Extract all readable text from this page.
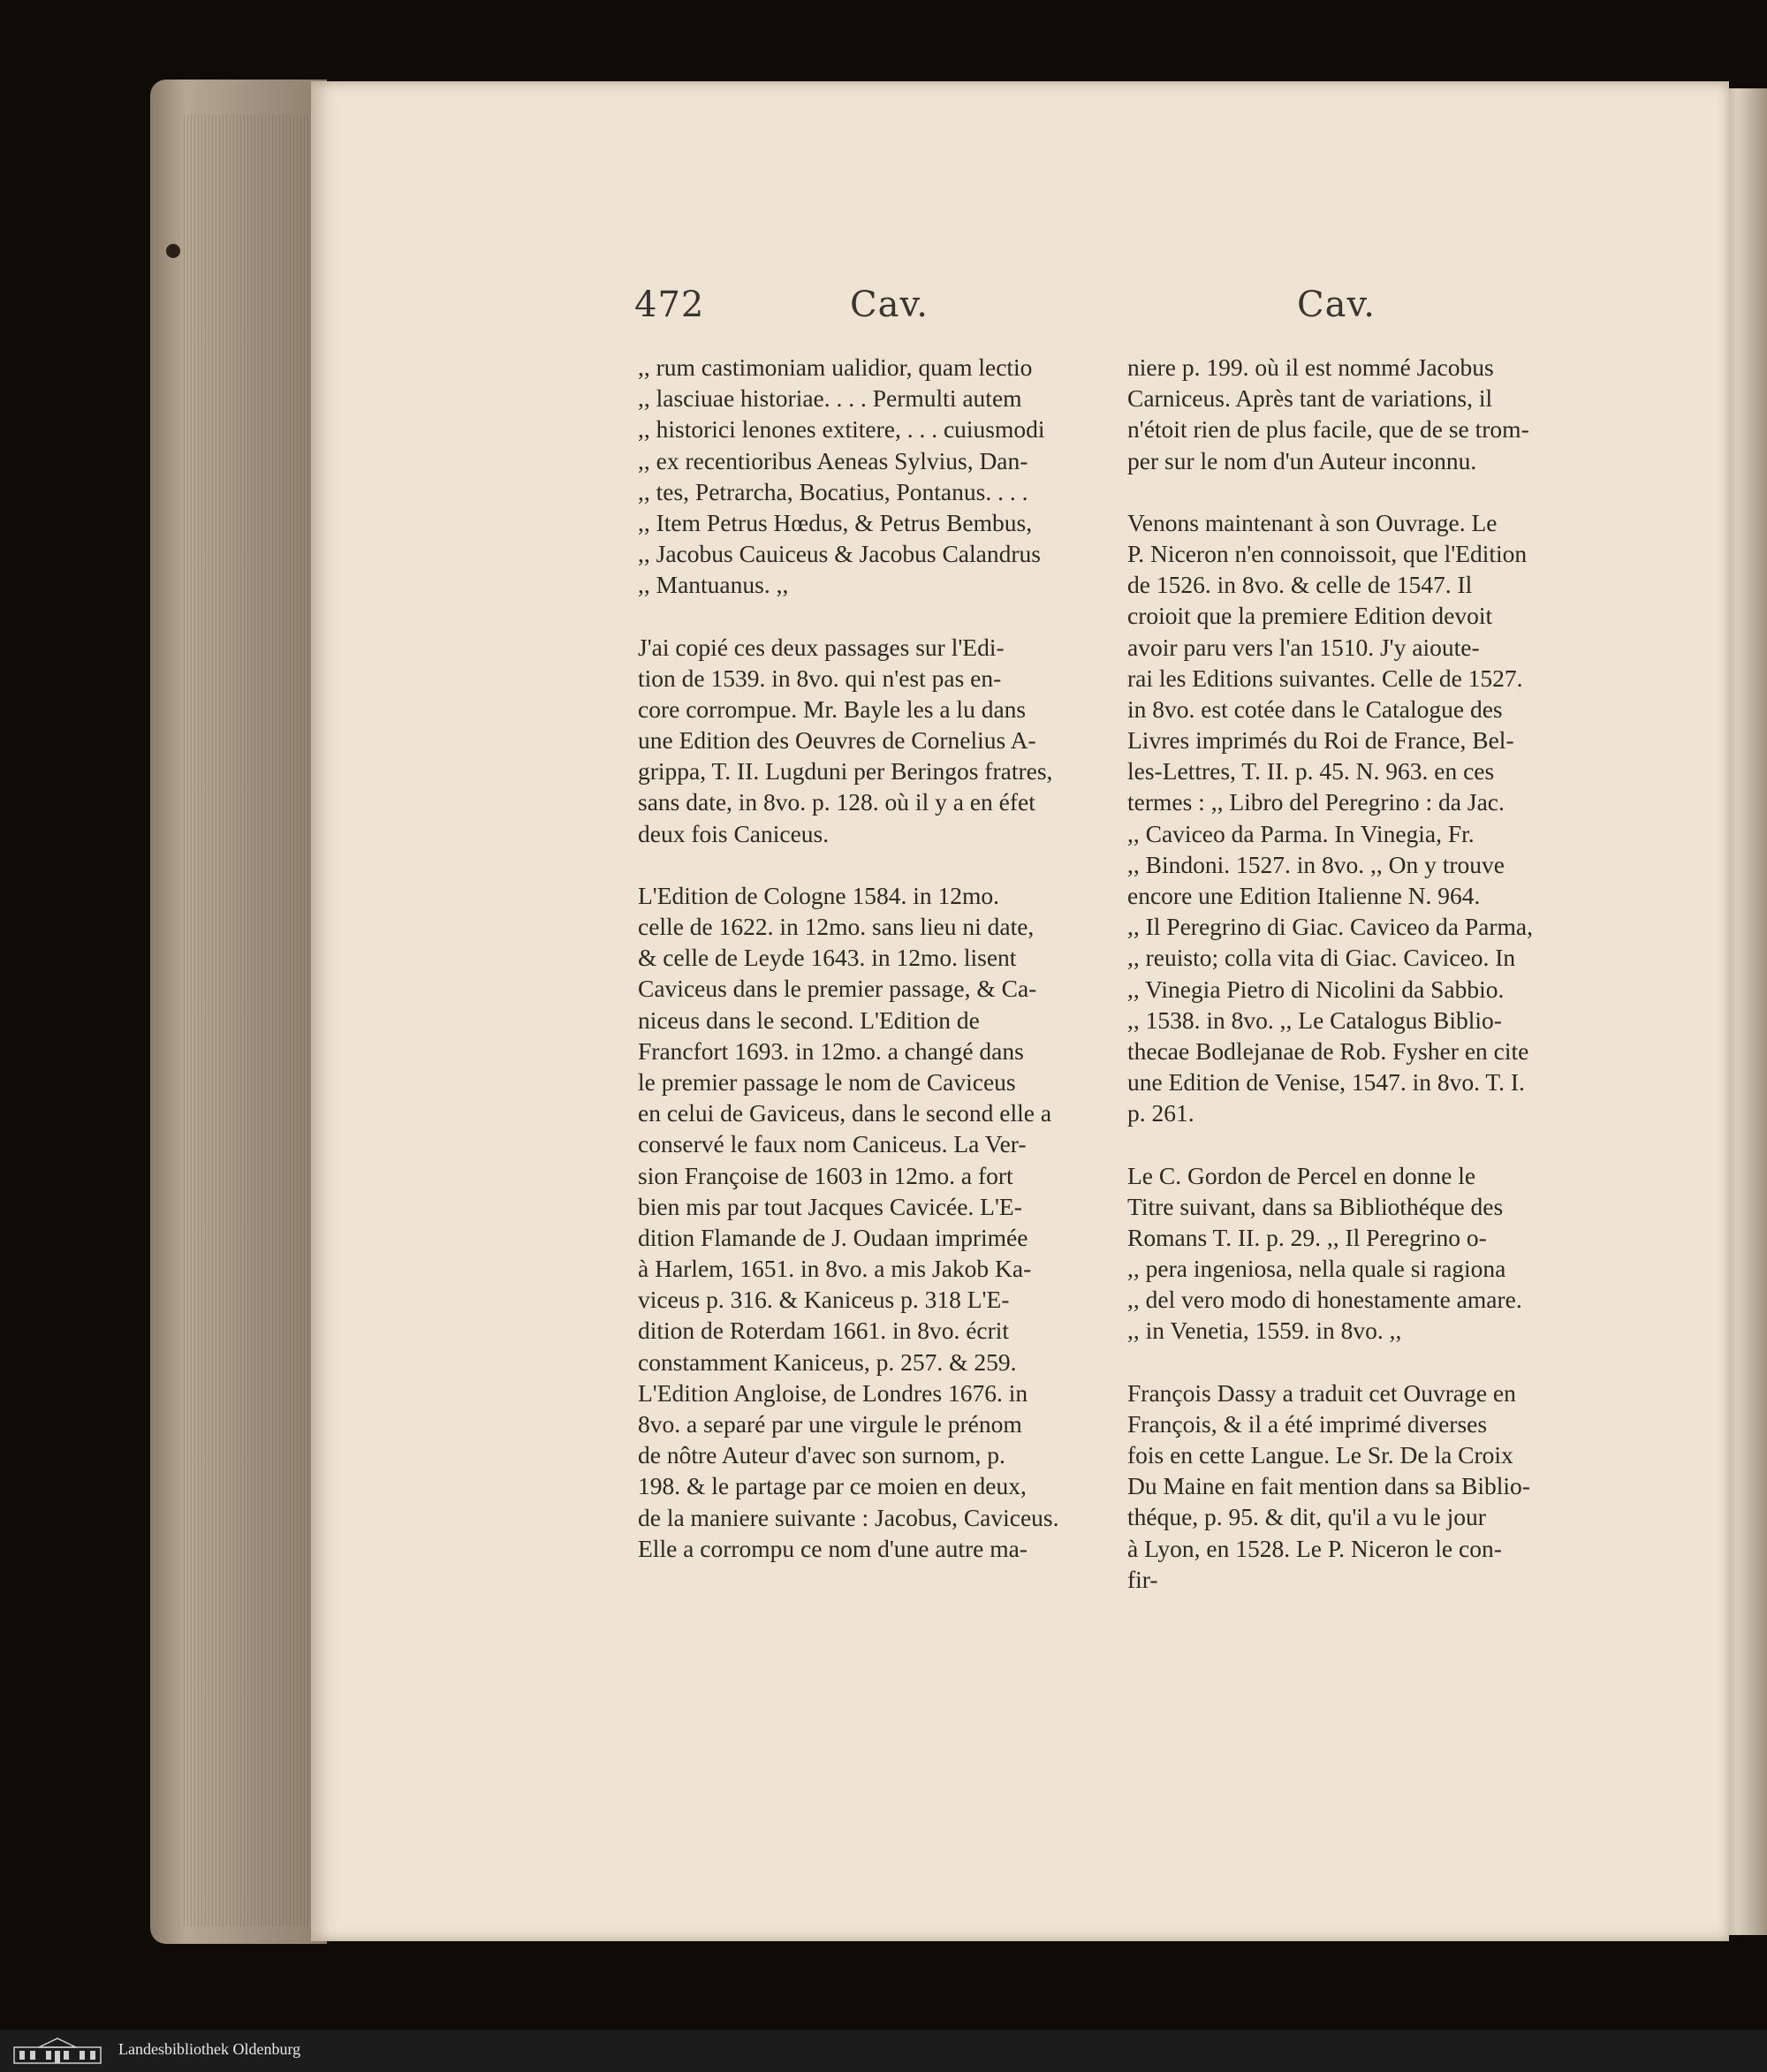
472	Cav.	Cav.
,, rum castimoniam ualidior, quam lectio
,, lasciuae historiae. . . . Permulti autem
,, historici lenones extitere, . . . cuiusmodi
,, ex recentioribus Aeneas Sylvius, Dan-
,, tes, Petrarcha, Bocatius, Pontanus. . . .
,, Item Petrus Hœdus, & Petrus Bembus,
,, Jacobus Cauiceus & Jacobus Calandrus
,, Mantuanus. ,,
J'ai copié ces deux passages sur l'Edi-
tion de 1539. in 8vo. qui n'est pas en-
core corrompue. Mr. Bayle les a lu dans
une Edition des Oeuvres de Cornelius A-
grippa, T. II. Lugduni per Beringos fratres,
sans date, in 8vo. p. 128. où il y a en éfet
deux fois Caniceus.
L'Edition de Cologne 1584. in 12mo.
celle de 1622. in 12mo. sans lieu ni date,
& celle de Leyde 1643. in 12mo. lisent
Caviceus dans le premier passage, & Ca-
niceus dans le second. L'Edition de
Francfort 1693. in 12mo. a changé dans
le premier passage le nom de Caviceus
en celui de Gaviceus, dans le second elle a
conservé le faux nom Caniceus. La Ver-
sion Françoise de 1603 in 12mo. a fort
bien mis par tout Jacques Cavicée. L'E-
dition Flamande de J. Oudaan imprimée
à Harlem, 1651. in 8vo. a mis Jakob Ka-
viceus p. 316. & Kaniceus p. 318 L'E-
dition de Roterdam 1661. in 8vo. écrit
constamment Kaniceus, p. 257. & 259.
L'Edition Angloise, de Londres 1676. in
8vo. a separé par une virgule le prénom
de nôtre Auteur d'avec son surnom, p.
198. & le partage par ce moien en deux,
de la maniere suivante : Jacobus, Caviceus.
Elle a corrompu ce nom d'une autre ma-
niere p. 199. où il est nommé Jacobus
Carniceus. Après tant de variations, il
n'étoit rien de plus facile, que de se trom-
per sur le nom d'un Auteur inconnu.
Venons maintenant à son Ouvrage. Le
P. Niceron n'en connoissoit, que l'Edition
de 1526. in 8vo. & celle de 1547. Il
croioit que la premiere Edition devoit
avoir paru vers l'an 1510. J'y aioute-
rai les Editions suivantes. Celle de 1527.
in 8vo. est cotée dans le Catalogue des
Livres imprimés du Roi de France, Bel-
les-Lettres, T. II. p. 45. N. 963. en ces
termes : ,, Libro del Peregrino : da Jac.
,, Caviceo da Parma. In Vinegia, Fr.
,, Bindoni. 1527. in 8vo. ,, On y trouve
encore une Edition Italienne N. 964.
,, Il Peregrino di Giac. Caviceo da Parma,
,, reuisto; colla vita di Giac. Caviceo. In
,, Vinegia Pietro di Nicolini da Sabbio.
,, 1538. in 8vo. ,, Le Catalogus Biblio-
thecae Bodlejanae de Rob. Fysher en cite
une Edition de Venise, 1547. in 8vo. T. I.
p. 261.
Le C. Gordon de Percel en donne le
Titre suivant, dans sa Bibliothéque des
Romans T. II. p. 29. ,, Il Peregrino o-
,, pera ingeniosa, nella quale si ragiona
,, del vero modo di honestamente amare.
,, in Venetia, 1559. in 8vo. ,,
François Dassy a traduit cet Ouvrage en
François, & il a été imprimé diverses
fois en cette Langue. Le Sr. De la Croix
Du Maine en fait mention dans sa Biblio-
théque, p. 95. & dit, qu'il a vu le jour
à Lyon, en 1528. Le P. Niceron le con-
fir-
Landesbibliothek Oldenburg
